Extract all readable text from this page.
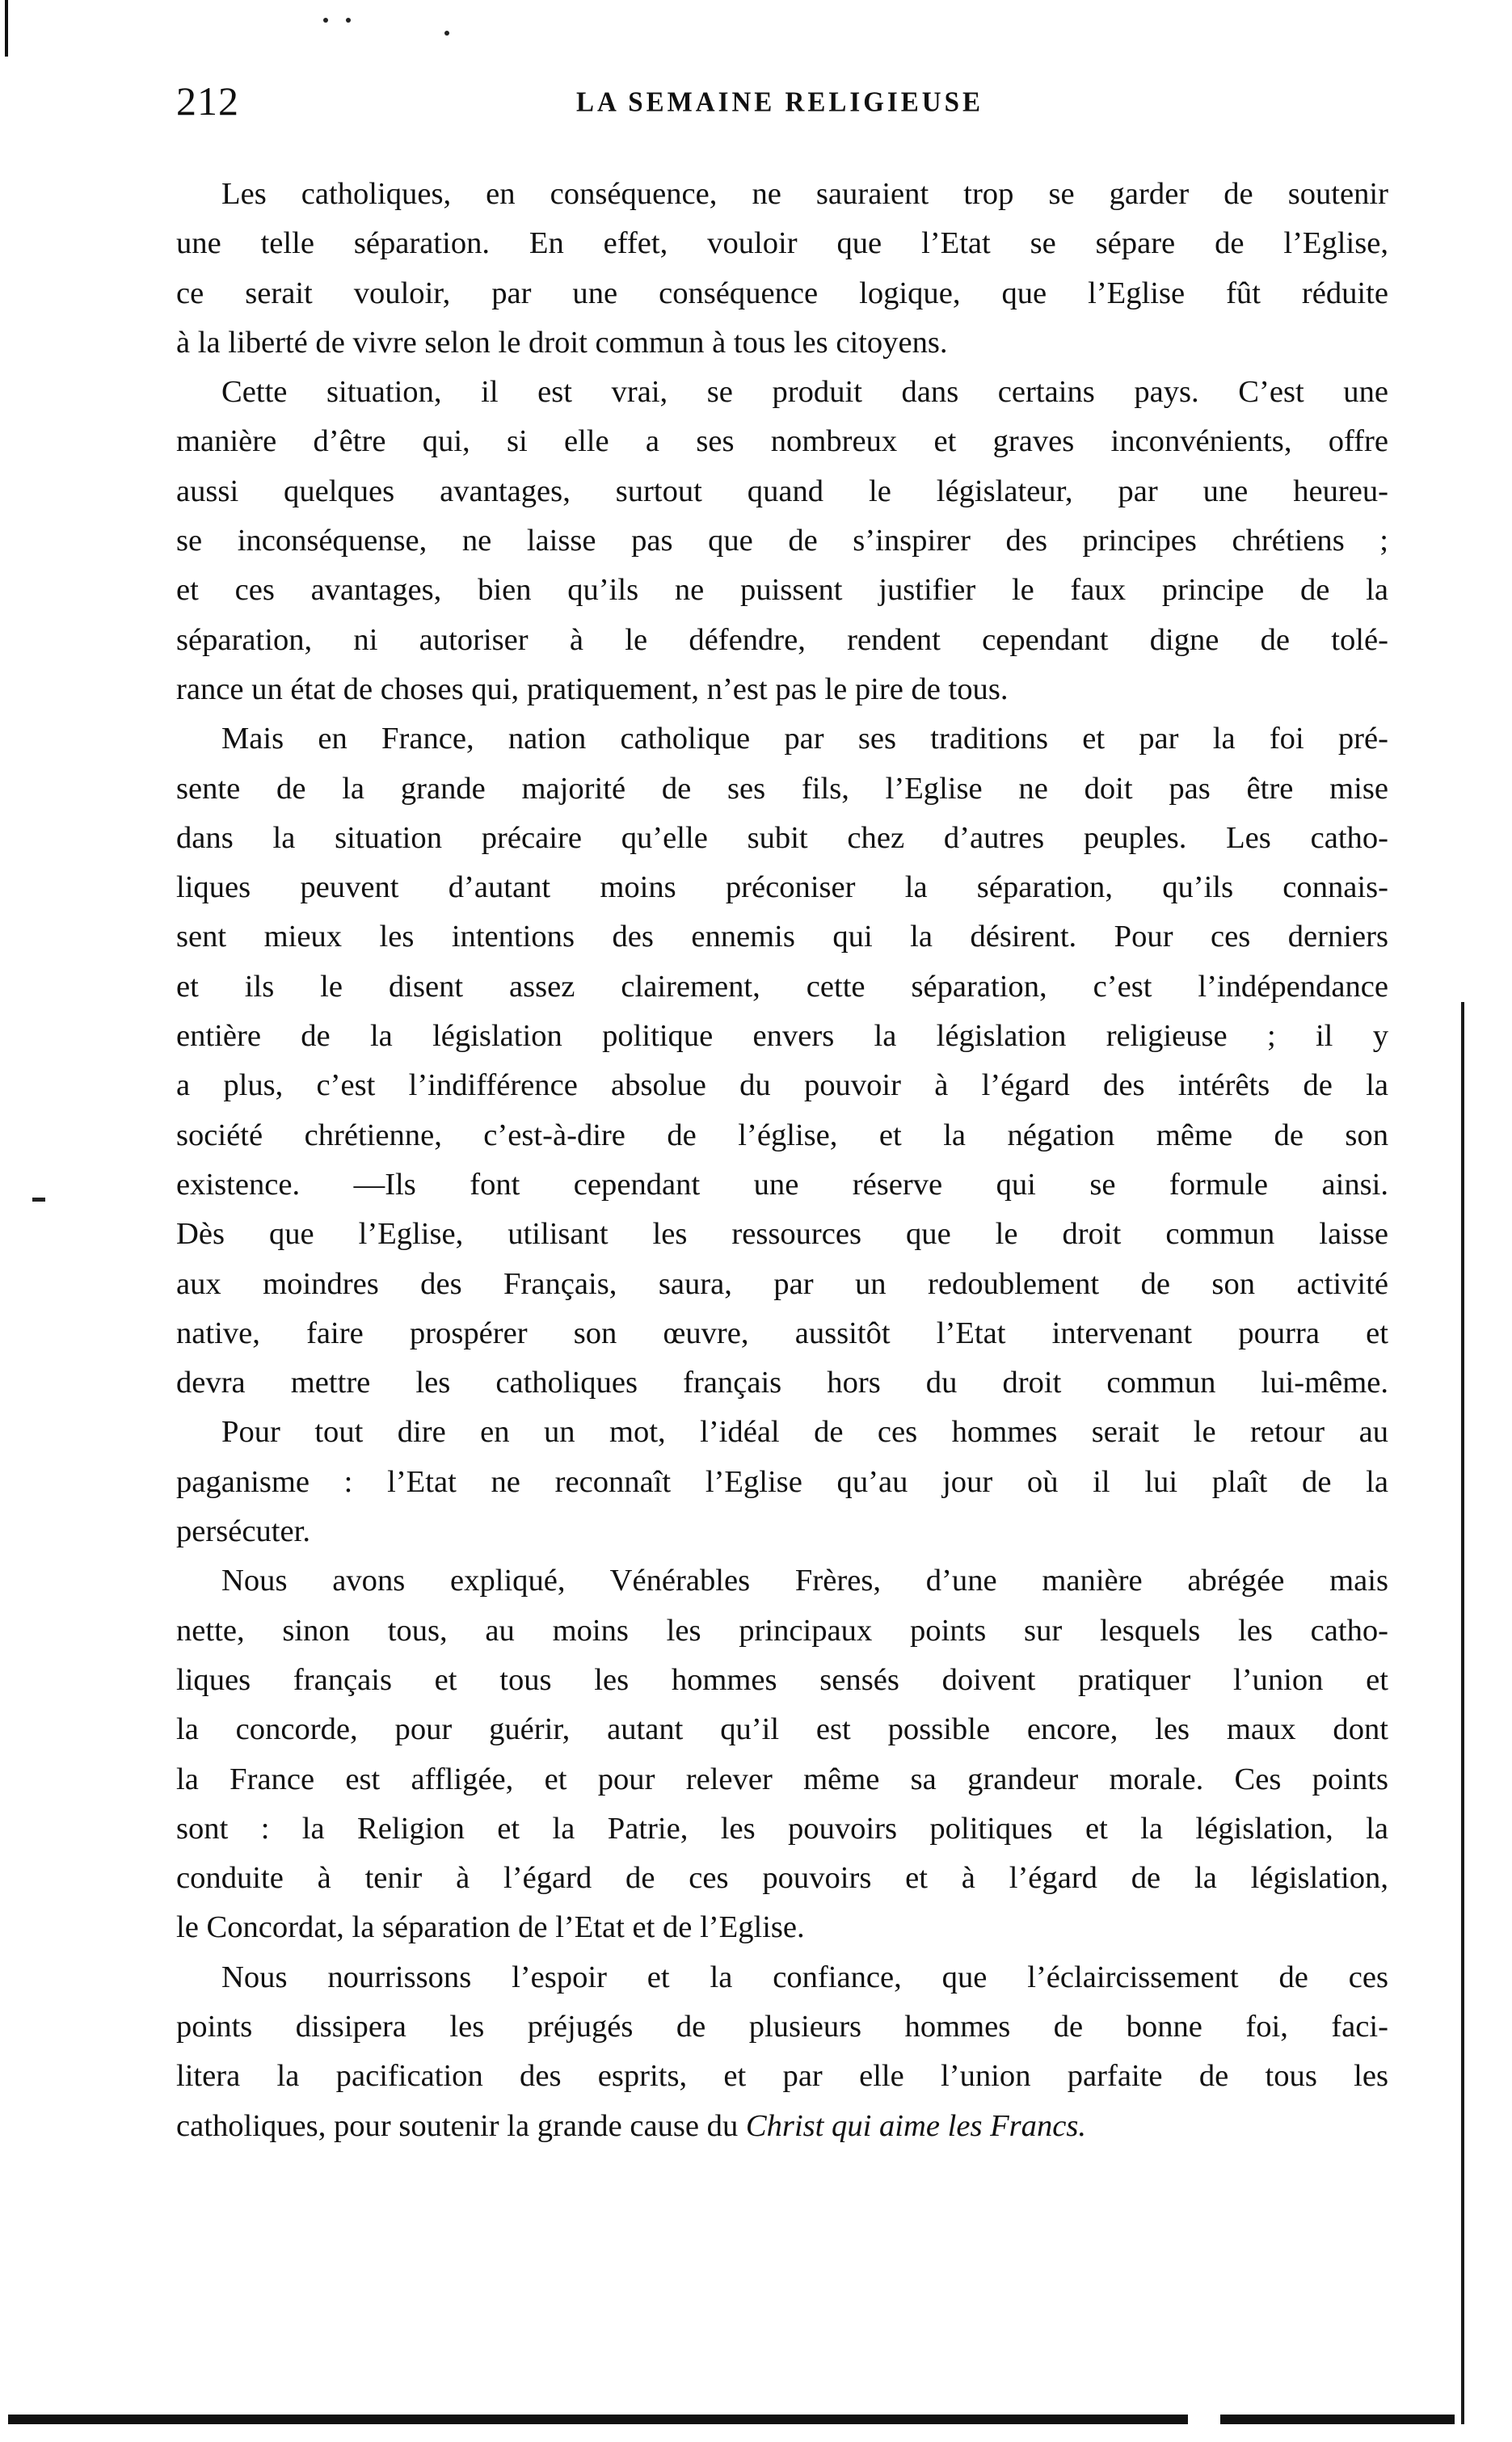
212	LA SEMAINE RELIGIEUSE
Les catholiques, en conséquence, ne sauraient trop se garder de soutenir
une telle séparation. En effet, vouloir que l’Etat se sépare de l’Eglise,
ce serait vouloir, par une conséquence logique, que l’Eglise fût réduite
à la liberté de vivre selon le droit commun à tous les citoyens.
Cette situation, il est vrai, se produit dans certains pays. C’est une
manière d’être qui, si elle a ses nombreux et graves inconvénients, offre
aussi quelques avantages, surtout quand le législateur, par une heureu-
se inconséquense, ne laisse pas que de s’inspirer des principes chrétiens ;
et ces avantages, bien qu’ils ne puissent justifier le faux principe de la
séparation, ni autoriser à le défendre, rendent cependant digne de tolé-
rance un état de choses qui, pratiquement, n’est pas le pire de tous.
Mais en France, nation catholique par ses traditions et par la foi pré-
sente de la grande majorité de ses fils, l’Eglise ne doit pas être mise
dans la situation précaire qu’elle subit chez d’autres peuples. Les catho-
liques peuvent d’autant moins préconiser la séparation, qu’ils connais-
sent mieux les intentions des ennemis qui la désirent. Pour ces derniers
et ils le disent assez clairement, cette séparation, c’est l’indépendance
entière de la législation politique envers la législation religieuse ; il y
a plus, c’est l’indifférence absolue du pouvoir à l’égard des intérêts de la
société chrétienne, c’est-à-dire de l’église, et la négation même de son
existence. —Ils font cependant une réserve qui se formule ainsi.
Dès que l’Eglise, utilisant les ressources que le droit commun laisse
aux moindres des Français, saura, par un redoublement de son activité
native, faire prospérer son œuvre, aussitôt l’Etat intervenant pourra et
devra mettre les catholiques français hors du droit commun lui-même.
Pour tout dire en un mot, l’idéal de ces hommes serait le retour au
paganisme : l’Etat ne reconnaît l’Eglise qu’au jour où il lui plaît de la
persécuter.
Nous avons expliqué, Vénérables Frères, d’une manière abrégée mais
nette, sinon tous, au moins les principaux points sur lesquels les catho-
liques français et tous les hommes sensés doivent pratiquer l’union et
la concorde, pour guérir, autant qu’il est possible encore, les maux dont
la France est affligée, et pour relever même sa grandeur morale. Ces points
sont : la Religion et la Patrie, les pouvoirs politiques et la législation, la
conduite à tenir à l’égard de ces pouvoirs et à l’égard de la législation,
le Concordat, la séparation de l’Etat et de l’Eglise.
Nous nourrissons l’espoir et la confiance, que l’éclaircissement de ces
points dissipera les préjugés de plusieurs hommes de bonne foi, faci-
litera la pacification des esprits, et par elle l’union parfaite de tous les
catholiques, pour soutenir la grande cause du Christ qui aime les Francs.
